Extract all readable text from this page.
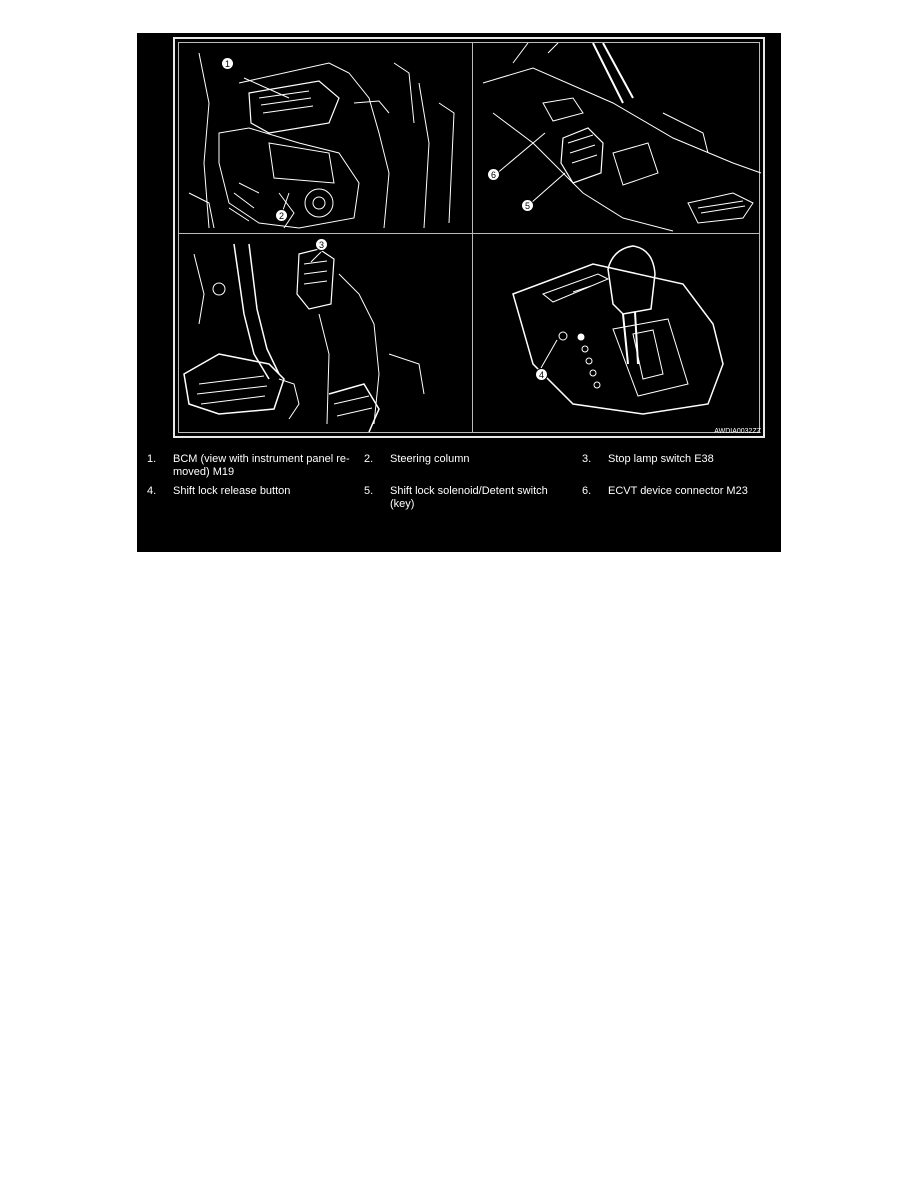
1
2
6
5
3
4
AWDIA0032ZZ
1. BCM (view with instrument panel re-
moved) M19
2. Steering column	3. Stop lamp switch E38
4. Shift lock release button	5. Shift lock solenoid/Detent switch
(key)
6. ECVT device connector M23
